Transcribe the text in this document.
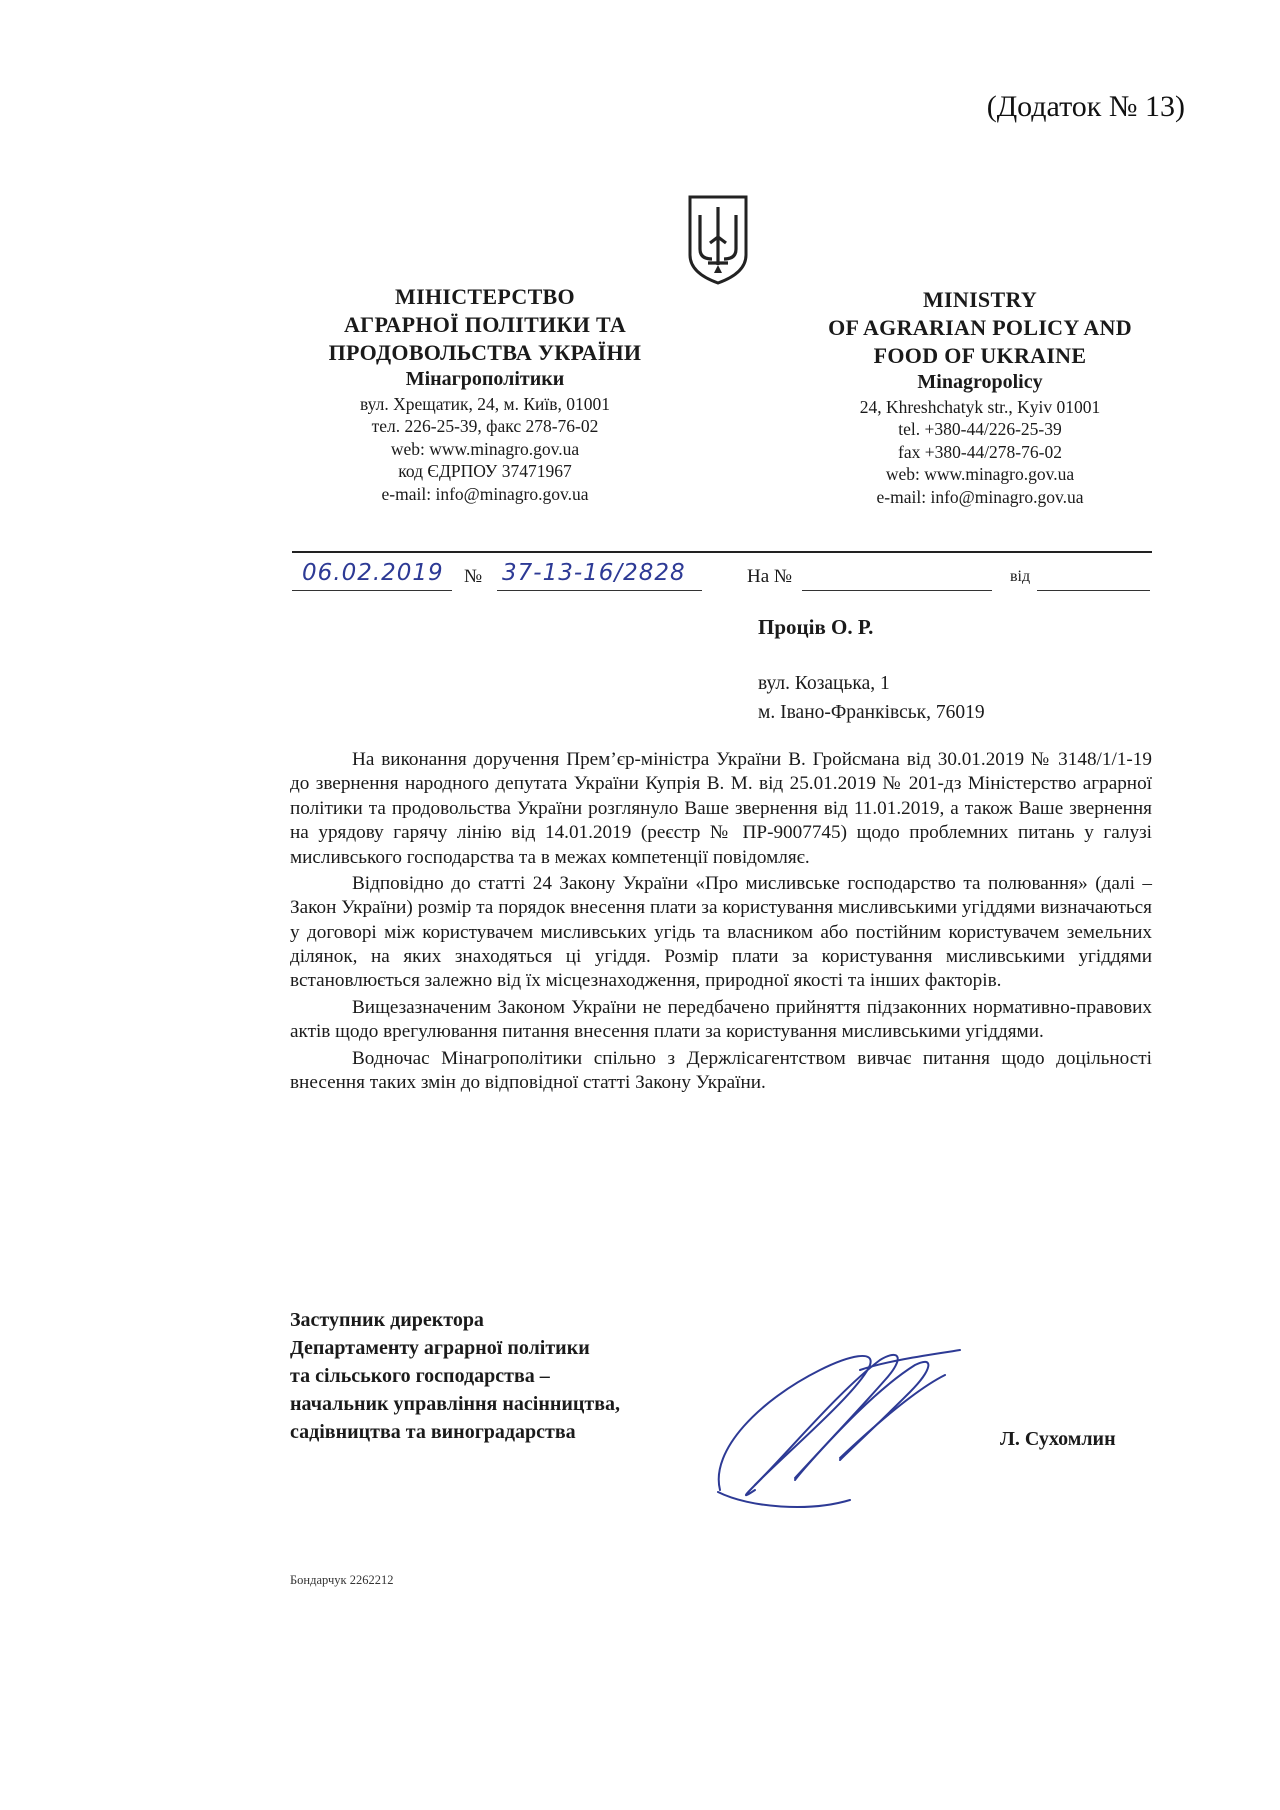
(Додаток № 13)
МІНІСТЕРСТВО
АГРАРНОЇ ПОЛІТИКИ ТА
ПРОДОВОЛЬСТВА УКРАЇНИ
Мінагрополітики
вул. Хрещатик, 24, м. Київ, 01001
тел. 226-25-39, факс 278-76-02
web: www.minagro.gov.ua
код ЄДРПОУ 37471967
e-mail: info@minagro.gov.ua
MINISTRY
OF AGRARIAN POLICY AND
FOOD OF UKRAINE
Minagropolicy
24, Khreshchatyk str., Kyiv 01001
tel. +380-44/226-25-39
fax +380-44/278-76-02
web: www.minagro.gov.ua
e-mail: info@minagro.gov.ua
06.02.2019 № 37-13-16/2828	На №	від
Проців О. Р.
вул. Козацька, 1
м. Івано-Франківськ, 76019

На виконання доручення Прем’єр-міністра України В. Гройсмана від 30.01.2019 № 3148/1/1-19 до звернення народного депутата України Купрія В. М. від 25.01.2019 № 201-дз Міністерство аграрної політики та продовольства України розглянуло Ваше звернення від 11.01.2019, а також Ваше звернення на урядову гарячу лінію від 14.01.2019 (реєстр № ПР-9007745) щодо проблемних питань у галузі мисливського господарства та в межах компетенції повідомляє.

Відповідно до статті 24 Закону України «Про мисливське господарство та полювання» (далі – Закон України) розмір та порядок внесення плати за користування мисливськими угіддями визначаються у договорі між користувачем мисливських угідь та власником або постійним користувачем земельних ділянок, на яких знаходяться ці угіддя. Розмір плати за користування мисливськими угіддями встановлюється залежно від їх місцезнаходження, природної якості та інших факторів.

Вищезазначеним Законом України не передбачено прийняття підзаконних нормативно-правових актів щодо врегулювання питання внесення плати за користування мисливськими угіддями.

Водночас Мінагрополітики спільно з Держлісагентством вивчає питання щодо доцільності внесення таких змін до відповідної статті Закону України.

Заступник директора
Департаменту аграрної політики
та сільського господарства –
начальник управління насінництва,
садівництва та виноградарства	Л. Сухомлин
Бондарчук 2262212
